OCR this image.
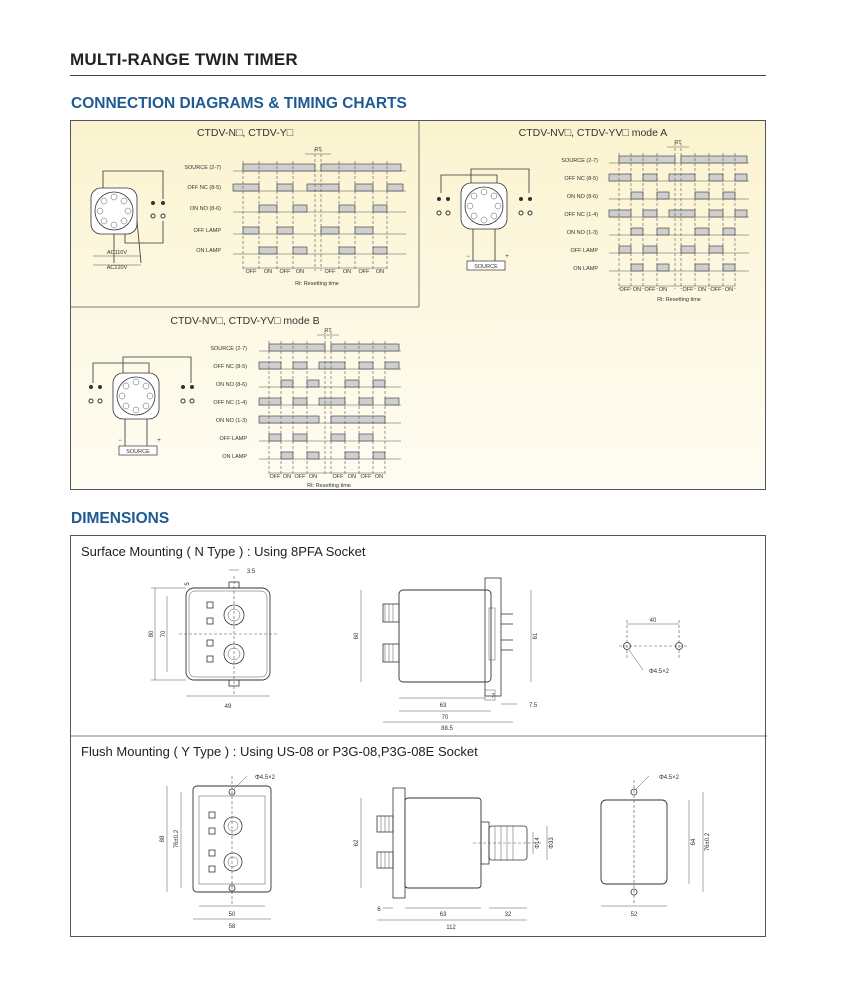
MULTI-RANGE TWIN TIMER
CONNECTION DIAGRAMS & TIMING CHARTS
CTDV-N□, CTDV-Y□
AC110V
AC220V
SOURCE (2-7)
OFF NC (8-5)
ON NO (8-6)
OFF LAMP
ON LAMP
RT
OFF ON OFF ON	OFF ON OFF ON
Rt: Resetting time
CTDV-NV□, CTDV-YV□ mode A
SOURCE
−	+
SOURCE (2-7)
OFF NC (8-5)
ON NO (8-6)
OFF NC (1-4)
ON NO (1-3)
OFF LAMP
ON LAMP
RT
OFF ON OFF ON	OFF ON OFF ON
Rt: Resetting time
CTDV-NV□, CTDV-YV□ mode B
SOURCE
−	+
SOURCE (2-7)
OFF NC (8-5)
ON NO (8-6)
OFF NC (1-4)
ON NO (1-3)
OFF LAMP
ON LAMP
RT
OFF ON OFF ON	OFF ON OFF ON
Rt: Resetting time
DIMENSIONS
Surface Mounting ( N Type ) : Using 8PFA Socket
Flush Mounting ( Y Type ) : Using US-08 or P3G-08,P3G-08E Socket
80 70
49
3.5
5
60	61
63
70
88.5
7
7.5
40
Φ4.5×2
88 76±0.2
50
58
Φ4.5×2
62	Φ14 Φ33
6
63	32
112
64 76±0.2
52
Φ4.5×2
